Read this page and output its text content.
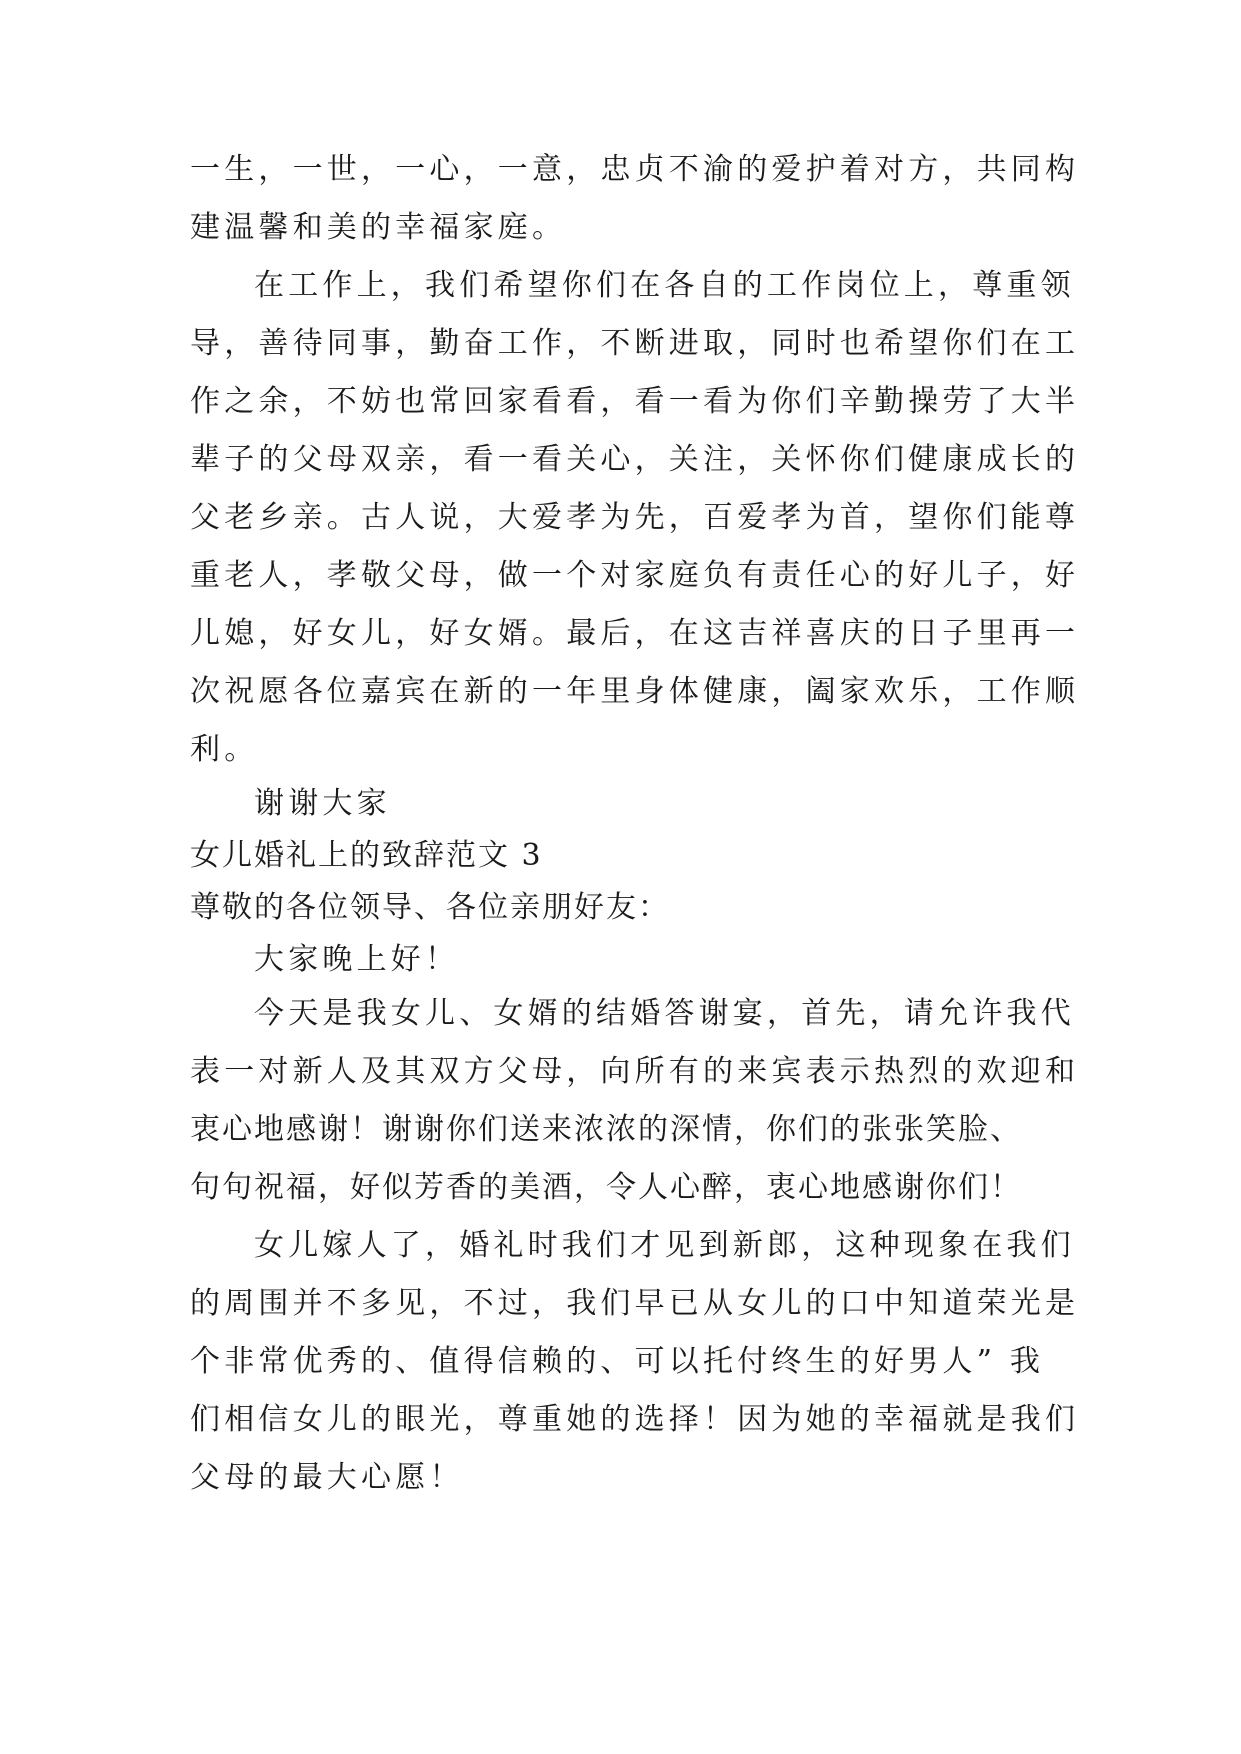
一生，一世，一心，一意，忠贞不渝的爱护着对方，共同构
建温馨和美的幸福家庭。
在工作上，我们希望你们在各自的工作岗位上，尊重领
导，善待同事，勤奋工作，不断进取，同时也希望你们在工
作之余，不妨也常回家看看，看一看为你们辛勤操劳了大半
辈子的父母双亲，看一看关心，关注，关怀你们健康成长的
父老乡亲。古人说，大爱孝为先，百爱孝为首，望你们能尊
重老人，孝敬父母，做一个对家庭负有责任心的好儿子，好
儿媳，好女儿，好女婿。最后，在这吉祥喜庆的日子里再一
次祝愿各位嘉宾在新的一年里身体健康，阖家欢乐，工作顺
利。
谢谢大家
女儿婚礼上的致辞范文 3
尊敬的各位领导、各位亲朋好友：
大家晚上好！
今天是我女儿、女婿的结婚答谢宴，首先，请允许我代
表一对新人及其双方父母，向所有的来宾表示热烈的欢迎和
衷心地感谢！谢谢你们送来浓浓的深情，你们的张张笑脸、
句句祝福，好似芳香的美酒，令人心醉，衷心地感谢你们！
女儿嫁人了，婚礼时我们才见到新郎，这种现象在我们
的周围并不多见，不过，我们早已从女儿的口中知道荣光是
个非常优秀的、值得信赖的、可以托付终生的好男人” 我
们相信女儿的眼光，尊重她的选择！因为她的幸福就是我们
父母的最大心愿！
